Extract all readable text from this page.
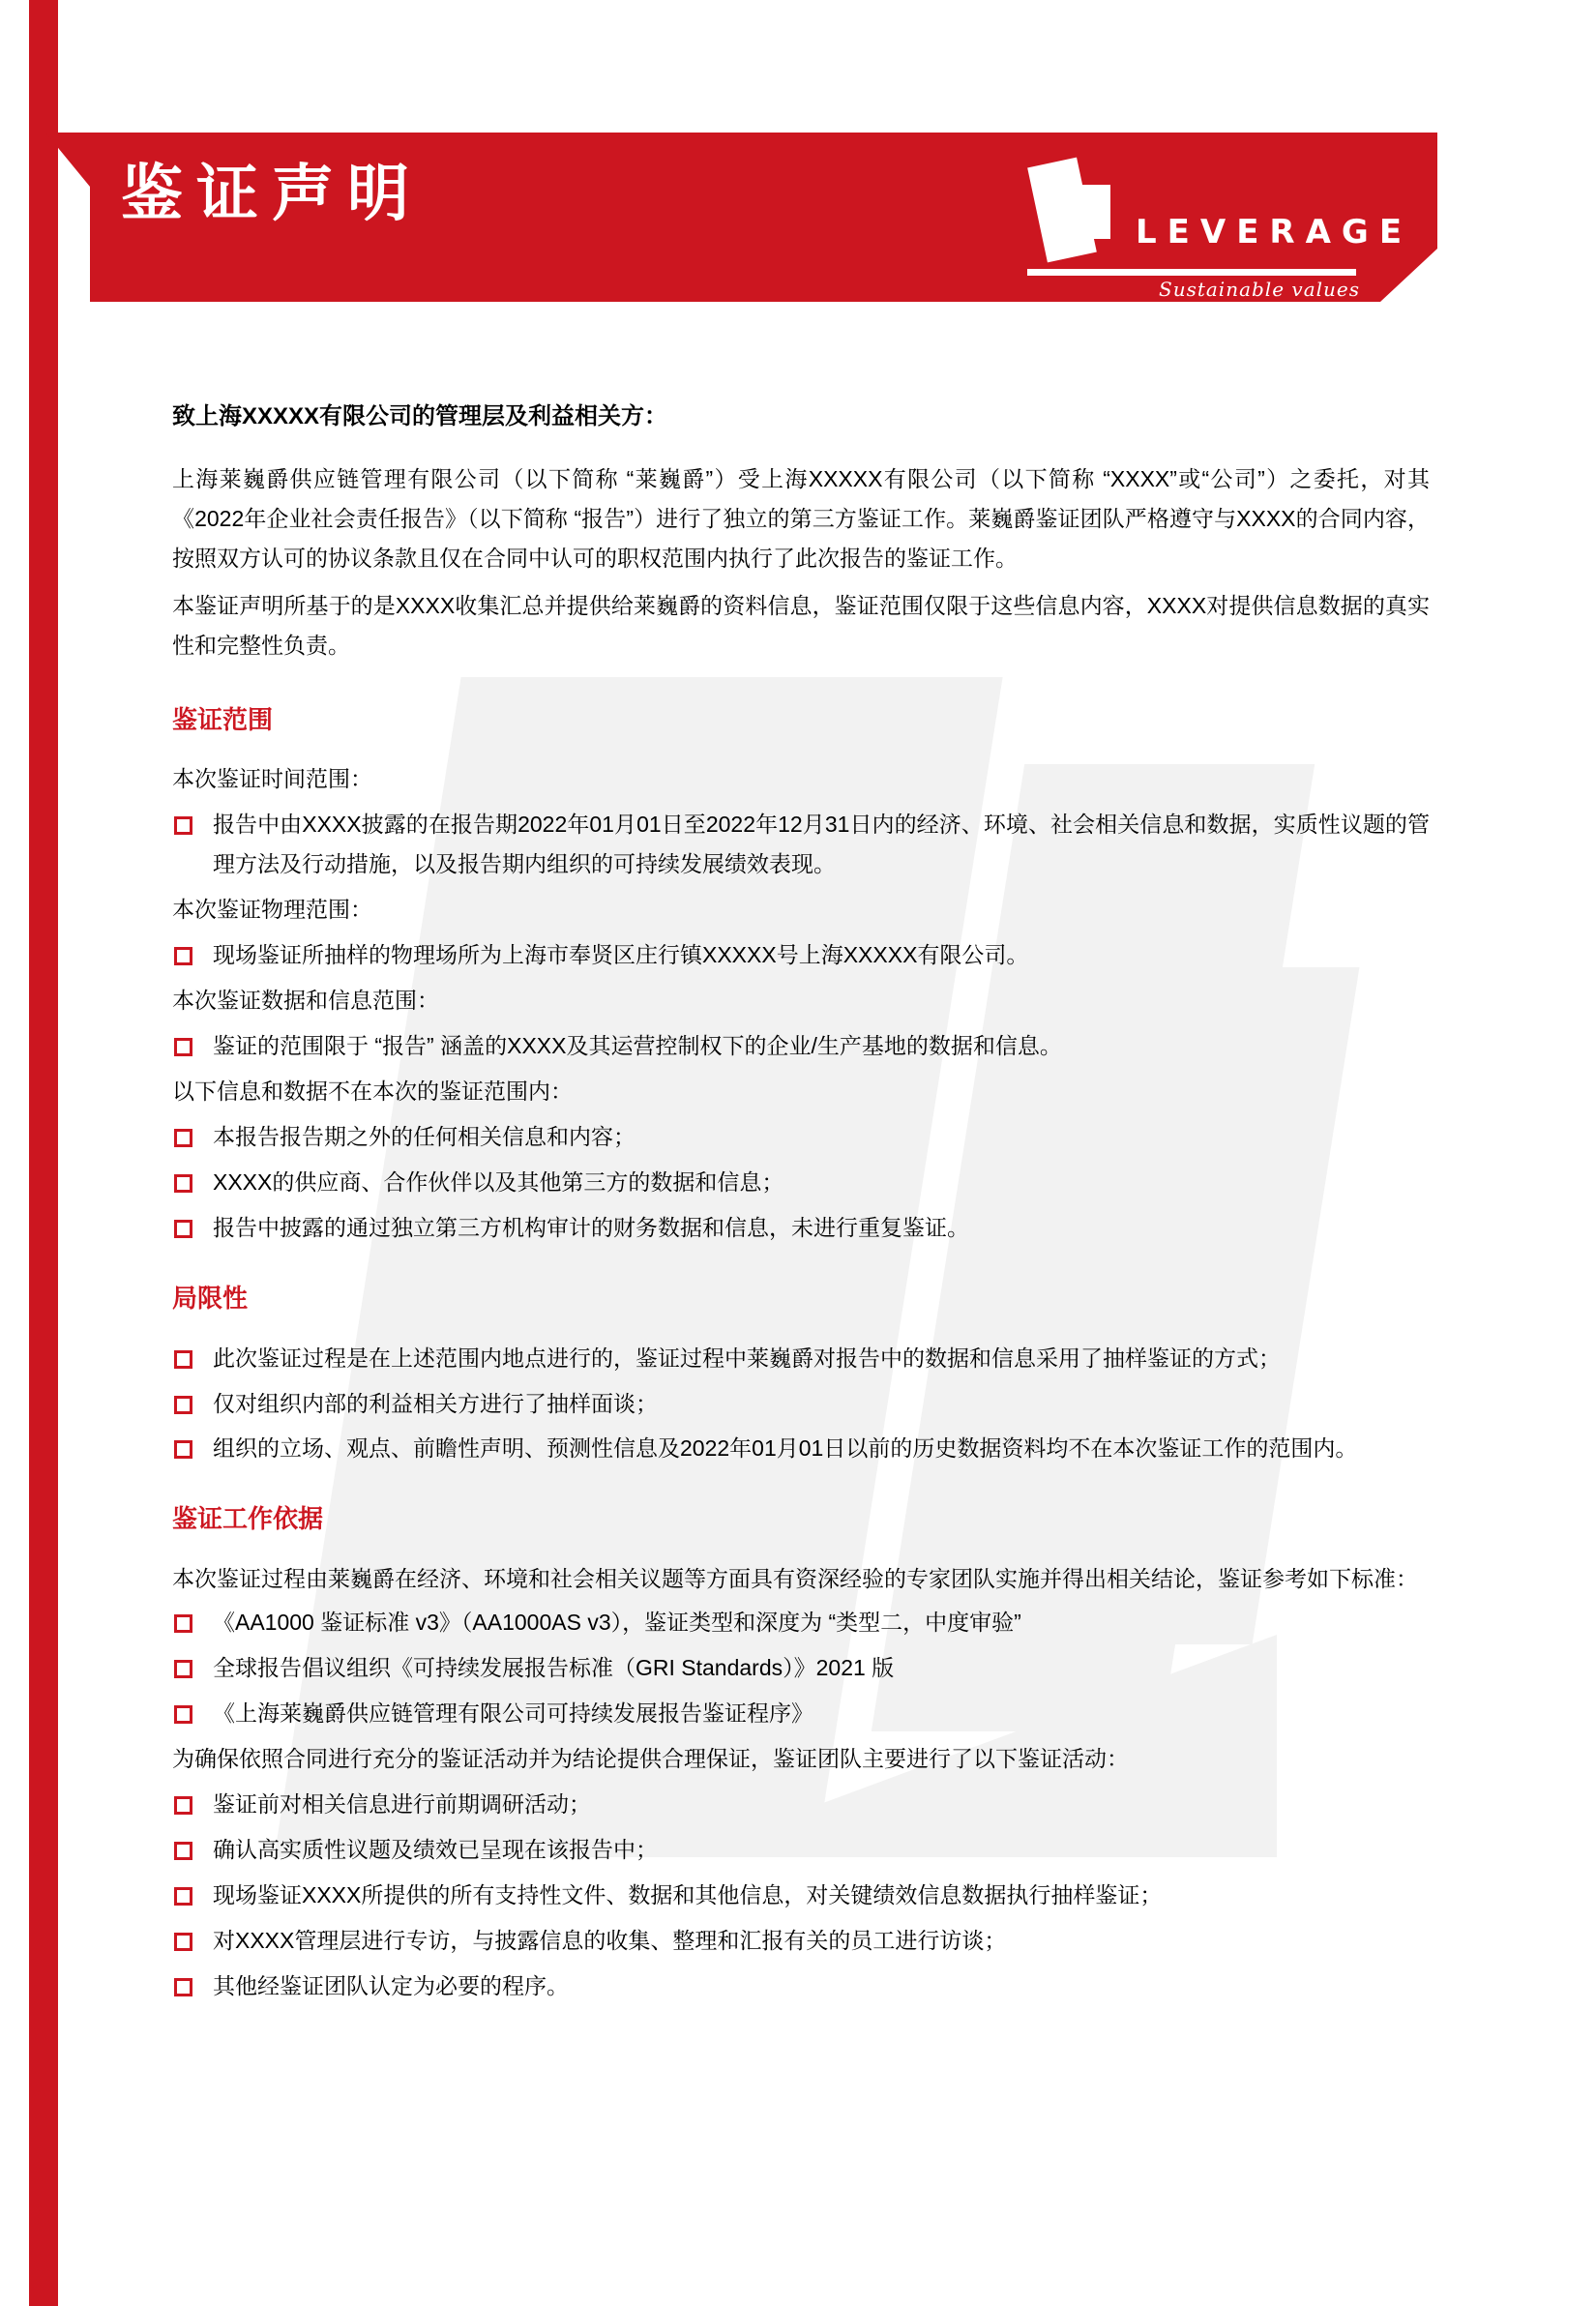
鉴证声明
LEVERAGE
Sustainable values
致上海XXXXX有限公司的管理层及利益相关方：

上海莱巍爵供应链管理有限公司（以下简称 “莱巍爵”）受上海XXXXX有限公司（以下简称 “XXXX”或“公司”）之委托，对其《2022年企业社会责任报告》（以下简称 “报告”）进行了独立的第三方鉴证工作。莱巍爵鉴证团队严格遵守与XXXX的合同内容，按照双方认可的协议条款且仅在合同中认可的职权范围内执行了此次报告的鉴证工作。

本鉴证声明所基于的是XXXX收集汇总并提供给莱巍爵的资料信息，鉴证范围仅限于这些信息内容，XXXX对提供信息数据的真实性和完整性负责。

鉴证范围
本次鉴证时间范围：
报告中由XXXX披露的在报告期2022年01月01日至2022年12月31日内的经济、环境、社会相关信息和数据，实质性议题的管理方法及行动措施，以及报告期内组织的可持续发展绩效表现。
本次鉴证物理范围：
现场鉴证所抽样的物理场所为上海市奉贤区庄行镇XXXXX号上海XXXXX有限公司。
本次鉴证数据和信息范围：
鉴证的范围限于 “报告” 涵盖的XXXX及其运营控制权下的企业/生产基地的数据和信息。
以下信息和数据不在本次的鉴证范围内：
本报告报告期之外的任何相关信息和内容；
XXXX的供应商、合作伙伴以及其他第三方的数据和信息；
报告中披露的通过独立第三方机构审计的财务数据和信息，未进行重复鉴证。
局限性
此次鉴证过程是在上述范围内地点进行的，鉴证过程中莱巍爵对报告中的数据和信息采用了抽样鉴证的方式；
仅对组织内部的利益相关方进行了抽样面谈；
组织的立场、观点、前瞻性声明、预测性信息及2022年01月01日以前的历史数据资料均不在本次鉴证工作的范围内。
鉴证工作依据

本次鉴证过程由莱巍爵在经济、环境和社会相关议题等方面具有资深经验的专家团队实施并得出相关结论，鉴证参考如下标准：

《AA1000 鉴证标准 v3》（AA1000AS v3），鉴证类型和深度为 “类型二，中度审验”
全球报告倡议组织《可持续发展报告标准（GRI Standards）》2021 版
《上海莱巍爵供应链管理有限公司可持续发展报告鉴证程序》
为确保依照合同进行充分的鉴证活动并为结论提供合理保证，鉴证团队主要进行了以下鉴证活动：
鉴证前对相关信息进行前期调研活动；
确认高实质性议题及绩效已呈现在该报告中；
现场鉴证XXXX所提供的所有支持性文件、数据和其他信息，对关键绩效信息数据执行抽样鉴证；
对XXXX管理层进行专访，与披露信息的收集、整理和汇报有关的员工进行访谈；
其他经鉴证团队认定为必要的程序。
